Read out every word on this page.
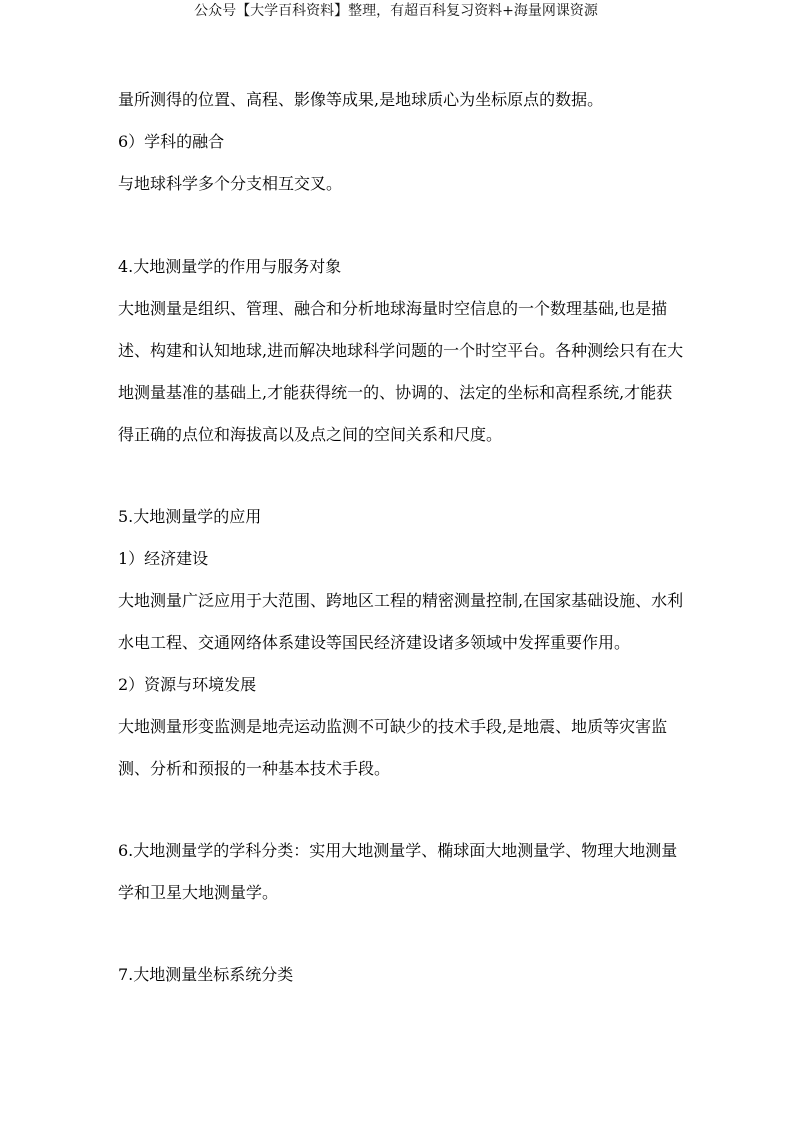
公众号【大学百科资料】整理，有超百科复习资料+海量网课资源
量所测得的位置、高程、影像等成果,是地球质心为坐标原点的数据。
6）学科的融合
与地球科学多个分支相互交叉。
4.大地测量学的作用与服务对象
大地测量是组织、管理、融合和分析地球海量时空信息的一个数理基础,也是描
述、构建和认知地球,进而解决地球科学问题的一个时空平台。各种测绘只有在大
地测量基准的基础上,才能获得统一的、协调的、法定的坐标和高程系统,才能获
得正确的点位和海拔高以及点之间的空间关系和尺度。
5.大地测量学的应用
1）经济建设
大地测量广泛应用于大范围、跨地区工程的精密测量控制,在国家基础设施、水利
水电工程、交通网络体系建设等国民经济建设诸多领域中发挥重要作用。
2）资源与环境发展
大地测量形变监测是地壳运动监测不可缺少的技术手段,是地震、地质等灾害监
测、分析和预报的一种基本技术手段。
6.大地测量学的学科分类：实用大地测量学、椭球面大地测量学、物理大地测量
学和卫星大地测量学。
7.大地测量坐标系统分类
